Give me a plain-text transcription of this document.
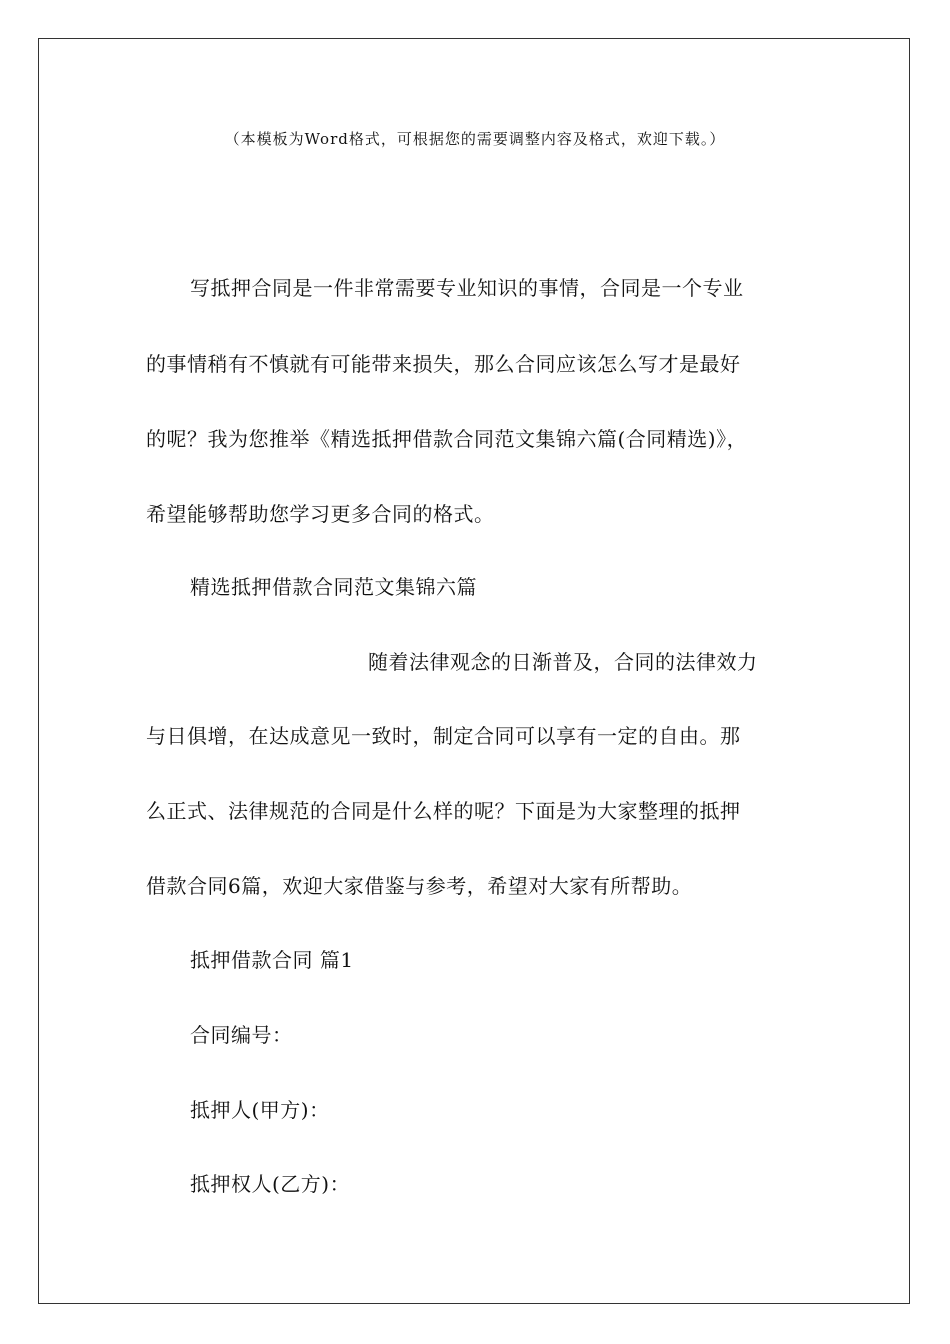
（本模板为Word格式，可根据您的需要调整内容及格式，欢迎下载。）
写抵押合同是一件非常需要专业知识的事情，合同是一个专业
的事情稍有不慎就有可能带来损失，那么合同应该怎么写才是最好
的呢？我为您推举《精选抵押借款合同范文集锦六篇(合同精选)》，
希望能够帮助您学习更多合同的格式。
精选抵押借款合同范文集锦六篇
随着法律观念的日渐普及，合同的法律效力
与日俱增，在达成意见一致时，制定合同可以享有一定的自由。那
么正式、法律规范的合同是什么样的呢？下面是为大家整理的抵押
借款合同6篇，欢迎大家借鉴与参考，希望对大家有所帮助。
抵押借款合同 篇1
合同编号：
抵押人(甲方)：
抵押权人(乙方)：
